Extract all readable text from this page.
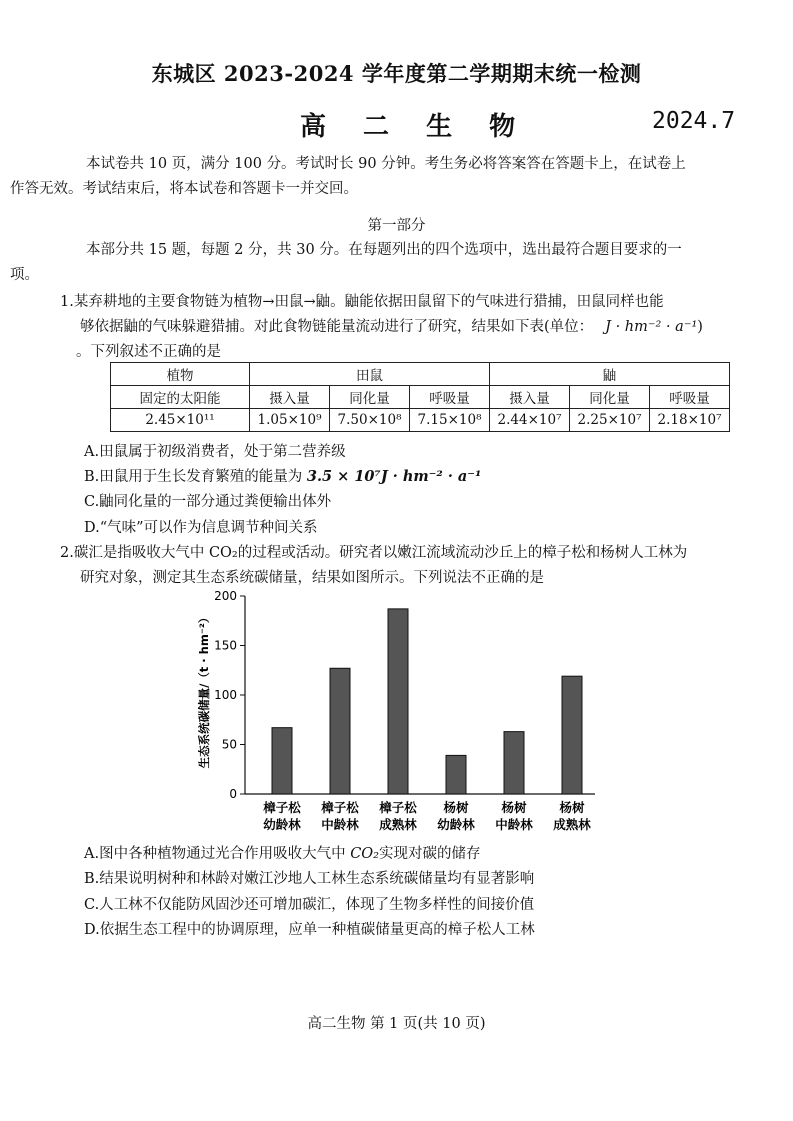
东城区 2023-2024 学年度第二学期期末统一检测
高 二 生 物	2024.7
本试卷共 10 页，满分 100 分。考试时长 90 分钟。考生务必将答案答在答题卡上，在试卷上
作答无效。考试结束后，将本试卷和答题卡一并交回。
第一部分
本部分共 15 题，每题 2 分，共 30 分。在每题列出的四个选项中，选出最符合题目要求的一
项。
1.某弃耕地的主要食物链为植物→田鼠→鼬。鼬能依据田鼠留下的气味进行猎捕，田鼠同样也能
够依据鼬的气味躲避猎捕。对此食物链能量流动进行了研究，结果如下表(单位： J · hm⁻² · a⁻¹)
。下列叙述不正确的是
植物	田鼠			鼬		
固定的太阳能	摄入量	同化量	呼吸量	摄入量	同化量	呼吸量
2.45×10¹¹	1.05×10⁹	7.50×10⁸	7.15×10⁸	2.44×10⁷	2.25×10⁷	2.18×10⁷
A.田鼠属于初级消费者，处于第二营养级
B.田鼠用于生长发育繁殖的能量为 3.5 × 10⁷J · hm⁻² · a⁻¹
C.鼬同化量的一部分通过粪便输出体外
D.“气味”可以作为信息调节种间关系
2.碳汇是指吸收大气中 CO₂的过程或活动。研究者以嫩江流域流动沙丘上的樟子松和杨树人工林为
研究对象，测定其生态系统碳储量，结果如图所示。下列说法不正确的是
生态系统碳储量/（t · hm⁻²）
0
50
100
150
200
樟子松
幼龄林
樟子松
中龄林
樟子松
成熟林
杨树
幼龄林
杨树
中龄林
杨树
成熟林
A.图中各种植物通过光合作用吸收大气中 CO₂实现对碳的储存
B.结果说明树种和林龄对嫩江沙地人工林生态系统碳储量均有显著影响
C.人工林不仅能防风固沙还可增加碳汇，体现了生物多样性的间接价值
D.依据生态工程中的协调原理，应单一种植碳储量更高的樟子松人工林
高二生物 第 1 页(共 10 页)
